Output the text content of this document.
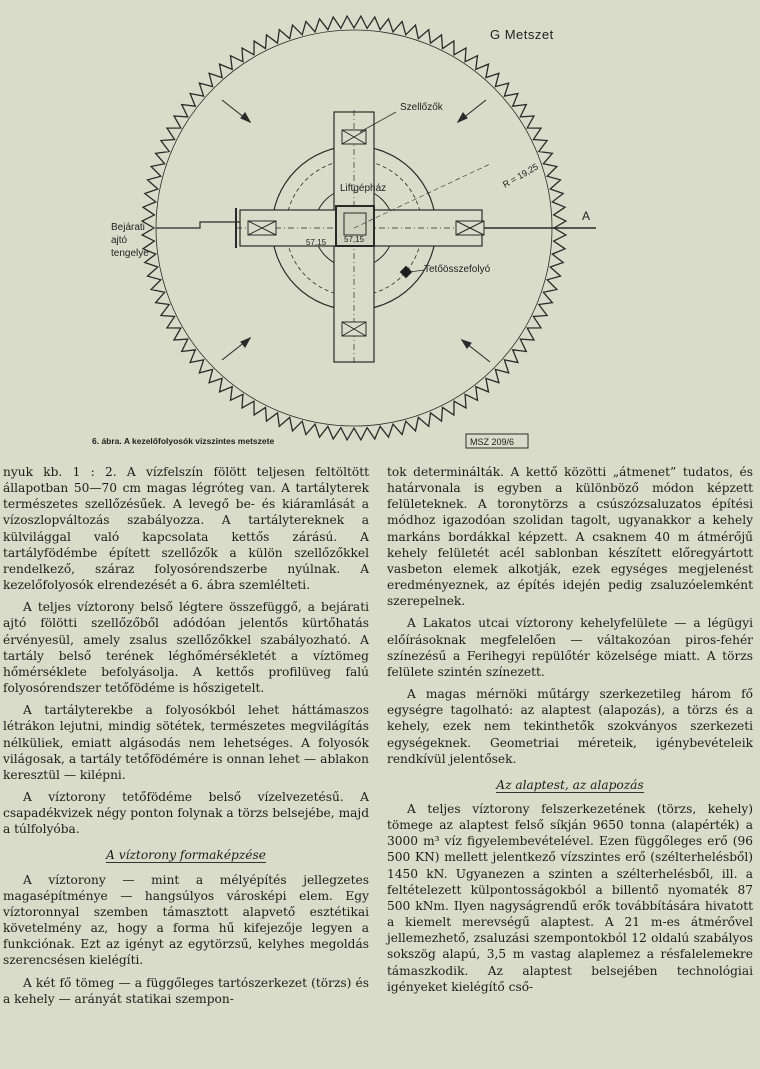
G Metszet
Szellőzők
Liftgépház	R = 19,25
57,15 57,15
Tetőösszefolyó
Bejárati
ajtó
tengelye
A
6. ábra. A kezelőfolyosók vízszintes metszete	MSZ 209/6

nyuk kb. 1 : 2. A vízfelszín fölött teljesen feltöltött állapotban 50—70 cm magas légróteg van. A tartályterek természetes szellőzésűek. A levegő be- és kiáramlását a vízoszlopváltozás szabályozza. A tartálytereknek a külvilággal való kapcsolata kettős zárású. A tartályfödémbe épített szellőzők a külön szellőzőkkel rendelkező, száraz folyosórendszerbe nyúlnak. A kezelőfolyosók elrendezését a 6. ábra szemlélteti.

A teljes víztorony belső légtere összefüggő, a bejárati ajtó fölötti szellőzőből adódóan jelentős kürtőhatás érvényesül, amely zsalus szellőzőkkel szabályozható. A tartály belső terének léghőmérsékletét a víztömeg hőmérséklete befolyásolja. A kettős profilüveg falú folyosórendszer tetőfödéme is hőszigetelt.

A tartályterekbe a folyosókból lehet háttámaszos létrákon lejutni, mindig sötétek, természetes megvilágítás nélküliek, emiatt algásodás nem lehetséges. A folyosók világosak, a tartály tetőfödémére is onnan lehet — ablakon keresztül — kilépni.

A víztorony tetőfödéme belső vízelvezetésű. A csapadékvizek négy ponton folynak a törzs belsejébe, majd a túlfolyóba.

A víztorony formaképzése

A víztorony — mint a mélyépítés jellegzetes magasépítménye — hangsúlyos városképi elem. Egy víztoronnyal szemben támasztott alapvető esztétikai követelmény az, hogy a forma hű kifejezője legyen a funkciónak. Ezt az igényt az egytörzsű, kelyhes megoldás szerencsésen kielégíti.

A két fő tömeg — a függőleges tartószerkezet (törzs) és a kehely — arányát statikai szempon-

tok determinálták. A kettő közötti „átmenet” tudatos, és határvonala is egyben a különböző módon képzett felületeknek. A toronytörzs a csúszózsaluzatos építési módhoz igazodóan szolidan tagolt, ugyanakkor a kehely markáns bordákkal képzett. A csaknem 40 m átmérőjű kehely felületét acél sablonban készített előregyártott vasbeton elemek alkotják, ezek egységes megjelenést eredményeznek, az építés idején pedig zsaluzóelemként szerepelnek.

A Lakatos utcai víztorony kehelyfelülete — a légügyi előírásoknak megfelelően — váltakozóan piros-fehér színezésű a Ferihegyi repülőtér közelsége miatt. A törzs felülete szintén színezett.

A magas mérnöki műtárgy szerkezetileg három fő egységre tagolható: az alaptest (alapozás), a törzs és a kehely, ezek nem tekinthetők szokványos szerkezeti egységeknek. Geometriai méreteik, igénybevételeik rendkívül jelentősek.

Az alaptest, az alapozás

A teljes víztorony felszerkezetének (törzs, kehely) tömege az alaptest felső síkján 9650 tonna (alapérték) a 3000 m³ víz figyelembevételével. Ezen függőleges erő (96 500 KN) mellett jelentkező vízszintes erő (szélterhelésből) 1450 kN. Ugyanezen a szinten a szélterhelésből, ill. a feltételezett külpontosságokból a billentő nyomaték 87 500 kNm. Ilyen nagyságrendű erők továbbítására hivatott a kiemelt merevségű alaptest. A 21 m-es átmérővel jellemezhető, zsaluzási szempontokból 12 oldalú szabályos sokszög alapú, 3,5 m vastag alaplemez a résfalelemekre támaszkodik. Az alaptest belsejében technológiai igényeket kielégítő cső-
